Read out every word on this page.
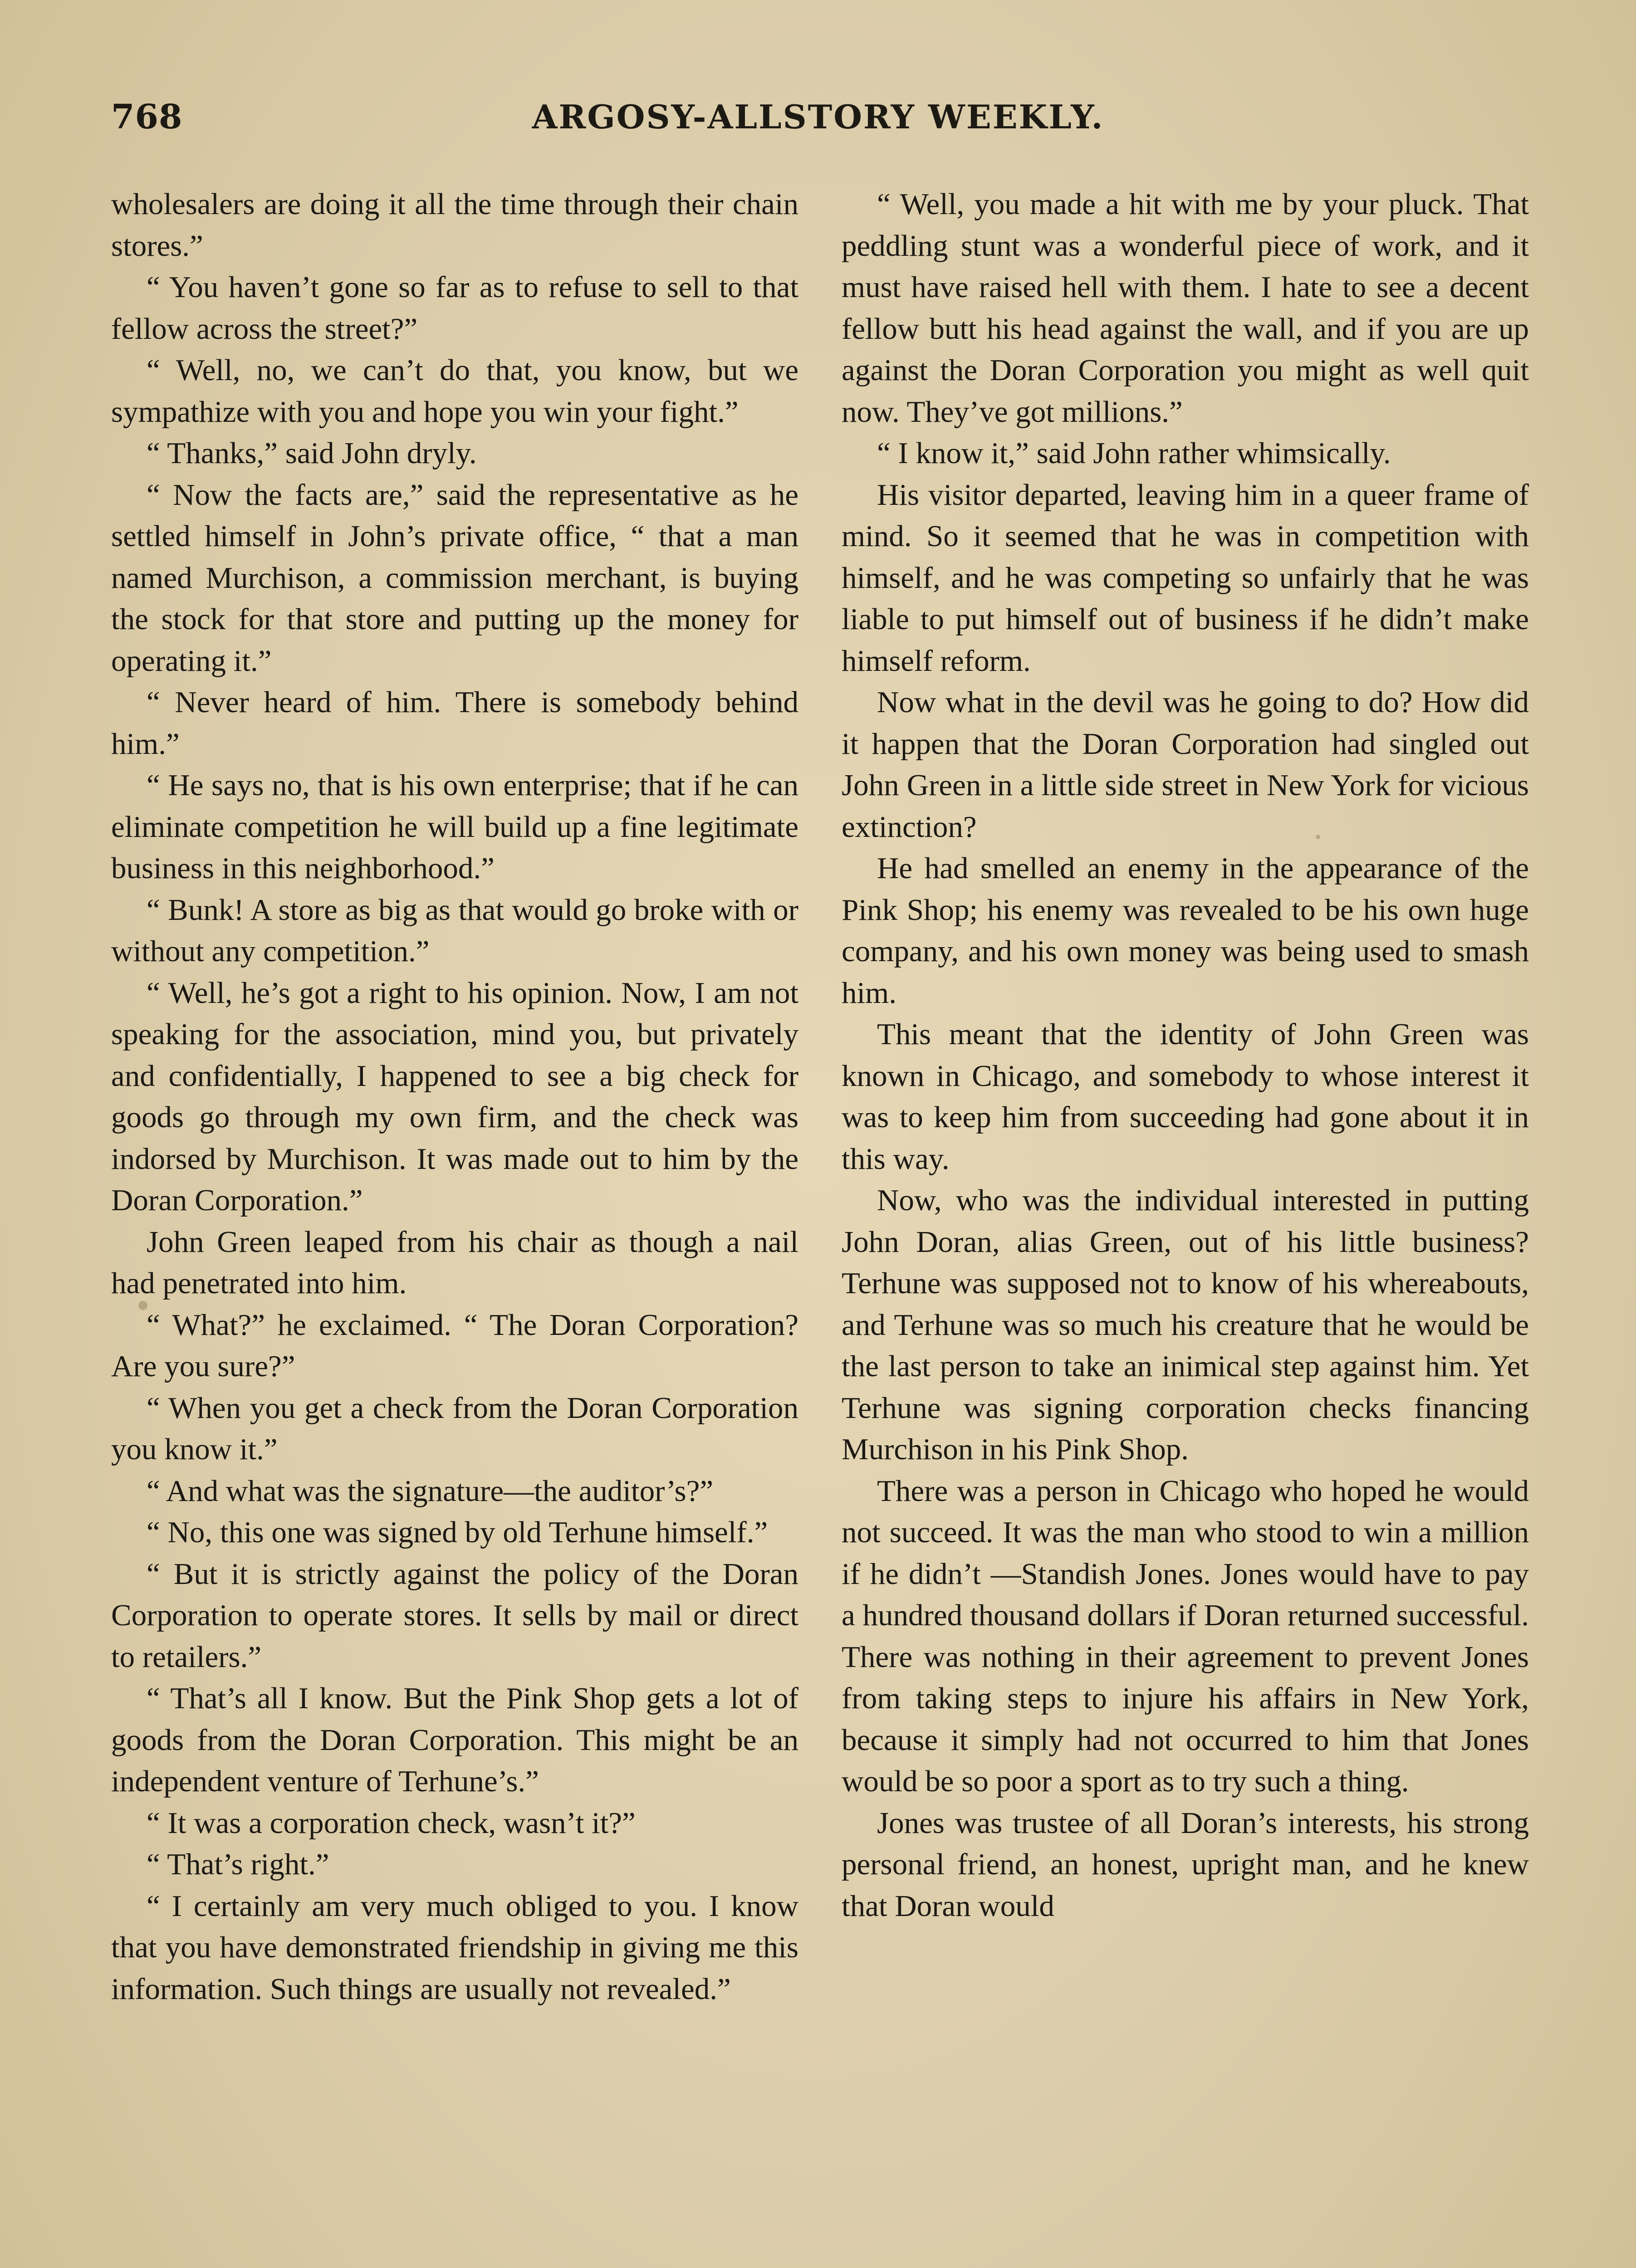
768	ARGOSY-ALLSTORY WEEKLY.

wholesalers are doing it all the time through their chain stores.”

“ You haven’t gone so far as to refuse to sell to that fellow across the street?”

“ Well, no, we can’t do that, you know, but we sympathize with you and hope you win your fight.”

“ Thanks,” said John dryly.

“ Now the facts are,” said the representative as he settled himself in John’s private office, “ that a man named Murchison, a commission merchant, is buying the stock for that store and putting up the money for operating it.”

“ Never heard of him. There is somebody behind him.”

“ He says no, that is his own enterprise; that if he can eliminate competition he will build up a fine legitimate business in this neighborhood.”

“ Bunk! A store as big as that would go broke with or without any competition.”

“ Well, he’s got a right to his opinion. Now, I am not speaking for the association, mind you, but privately and confidentially, I happened to see a big check for goods go through my own firm, and the check was indorsed by Murchison. It was made out to him by the Doran Corporation.”

John Green leaped from his chair as though a nail had penetrated into him.

“ What?” he exclaimed. “ The Doran Corporation? Are you sure?”

“ When you get a check from the Doran Corporation you know it.”

“ And what was the signature—the auditor’s?”

“ No, this one was signed by old Terhune himself.”

“ But it is strictly against the policy of the Doran Corporation to operate stores. It sells by mail or direct to retailers.”

“ That’s all I know. But the Pink Shop gets a lot of goods from the Doran Corporation. This might be an independent venture of Terhune’s.”

“ It was a corporation check, wasn’t it?”

“ That’s right.”

“ I certainly am very much obliged to you. I know that you have demonstrated friendship in giving me this information. Such things are usually not revealed.”

“ Well, you made a hit with me by your pluck. That peddling stunt was a wonderful piece of work, and it must have raised hell with them. I hate to see a decent fellow butt his head against the wall, and if you are up against the Doran Corporation you might as well quit now. They’ve got millions.”

“ I know it,” said John rather whimsically.

His visitor departed, leaving him in a queer frame of mind. So it seemed that he was in competition with himself, and he was competing so unfairly that he was liable to put himself out of business if he didn’t make himself reform.

Now what in the devil was he going to do? How did it happen that the Doran Corporation had singled out John Green in a little side street in New York for vicious extinction?

He had smelled an enemy in the appearance of the Pink Shop; his enemy was revealed to be his own huge company, and his own money was being used to smash him.

This meant that the identity of John Green was known in Chicago, and somebody to whose interest it was to keep him from succeeding had gone about it in this way.

Now, who was the individual interested in putting John Doran, alias Green, out of his little business? Terhune was supposed not to know of his whereabouts, and Terhune was so much his creature that he would be the last person to take an inimical step against him. Yet Terhune was signing corporation checks financing Murchison in his Pink Shop.

There was a person in Chicago who hoped he would not succeed. It was the man who stood to win a million if he didn’t —Standish Jones. Jones would have to pay a hundred thousand dollars if Doran returned successful. There was nothing in their agreement to prevent Jones from taking steps to injure his affairs in New York, because it simply had not occurred to him that Jones would be so poor a sport as to try such a thing.

Jones was trustee of all Doran’s interests, his strong personal friend, an honest, upright man, and he knew that Doran would
